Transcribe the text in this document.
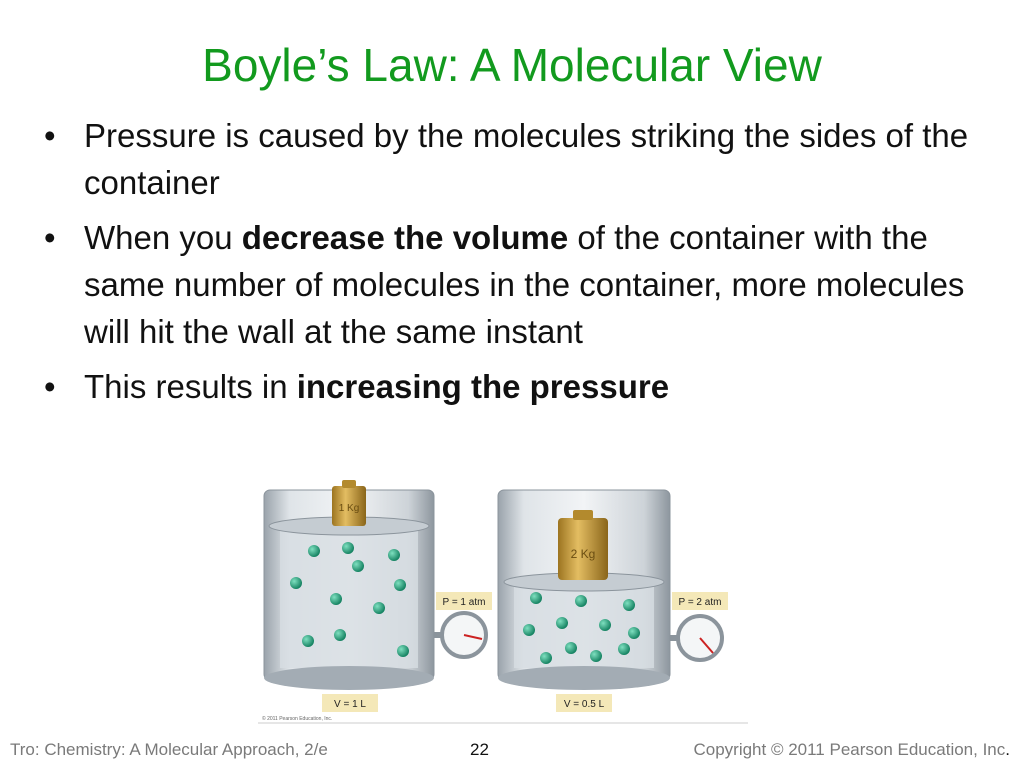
Boyle’s Law: A Molecular View
• Pressure is caused by the molecules striking the sides of the container
• When you decrease the volume of the container with the same number of molecules in the container, more molecules will hit the wall at the same instant
• This results in increasing the pressure
1 Kg
P = 1 atm
V = 1 L
2 Kg
P = 2 atm
V = 0.5 L
© 2011 Pearson Education, Inc.
Tro: Chemistry: A Molecular Approach, 2/e	22	Copyright © 2011 Pearson Education, Inc.
